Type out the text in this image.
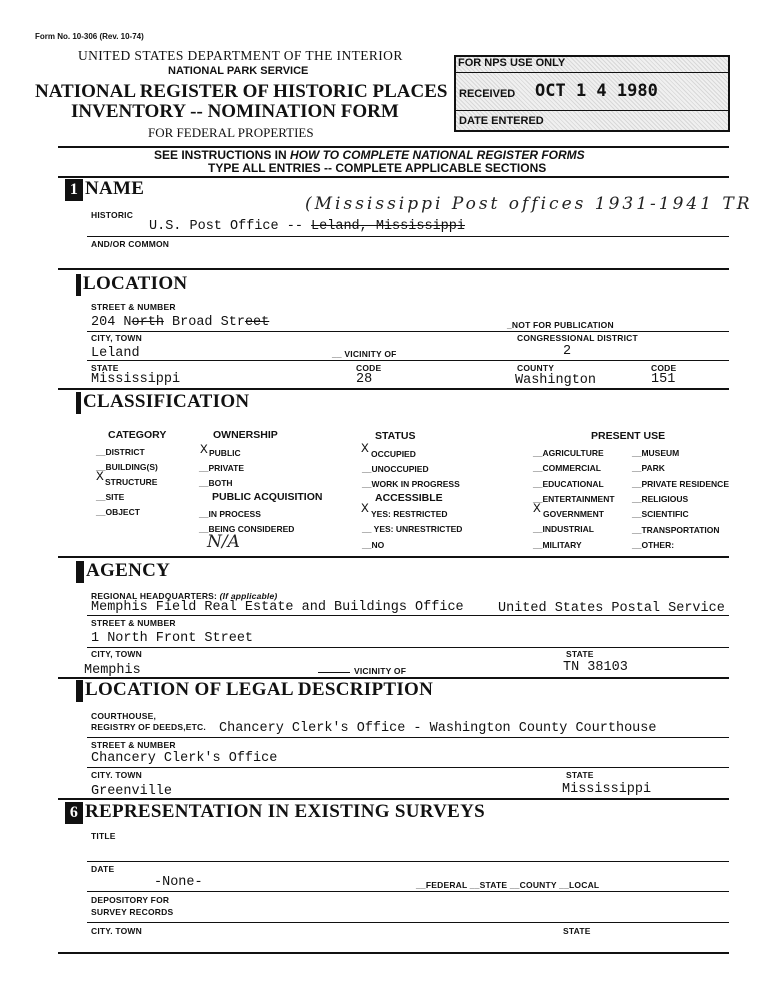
Form No. 10-306 (Rev. 10-74)
UNITED STATES DEPARTMENT OF THE INTERIOR
NATIONAL PARK SERVICE
NATIONAL REGISTER OF HISTORIC PLACES
INVENTORY -- NOMINATION FORM
FOR FEDERAL PROPERTIES
FOR NPS USE ONLY
RECEIVED OCT 1 4 1980
DATE ENTERED
SEE INSTRUCTIONS IN HOW TO COMPLETE NATIONAL REGISTER FORMS
TYPE ALL ENTRIES -- COMPLETE APPLICABLE SECTIONS
1 NAME
HISTORIC
(Mississippi Post offices 1931-1941 TR
U.S. Post Office -- Leland, Mississippi
AND/OR COMMON
LOCATION
STREET & NUMBER
204 North Broad Street	_NOT FOR PUBLICATION
CITY, TOWN	CONGRESSIONAL DISTRICT
Leland	__ VICINITY OF	2
STATE	CODE	COUNTY	CODE
Mississippi	28	Washington	151
CLASSIFICATION
CATEGORY
__DISTRICT
__BUILDING(S)
X STRUCTURE
__SITE
__OBJECT
OWNERSHIP
X PUBLIC
__PRIVATE
__BOTH
PUBLIC ACQUISITION
__IN PROCESS
__BEING CONSIDERED
N/A
STATUS
X OCCUPIED
__UNOCCUPIED
__WORK IN PROGRESS
ACCESSIBLE
X YES: RESTRICTED
__ YES: UNRESTRICTED
__NO
PRESENT USE
__AGRICULTURE
__COMMERCIAL
__EDUCATIONAL
__ENTERTAINMENT
X GOVERNMENT
__INDUSTRIAL
__MILITARY
__MUSEUM
__PARK
__PRIVATE RESIDENCE
__RELIGIOUS
__SCIENTIFIC
__TRANSPORTATION
__OTHER:
AGENCY
REGIONAL HEADQUARTERS: (If applicable)
Memphis Field Real Estate and Buildings Office	United States Postal Service
STREET & NUMBER
1 North Front Street
CITY, TOWN	STATE
Memphis	VICINITY OF	TN 38103
LOCATION OF LEGAL DESCRIPTION
COURTHOUSE,
REGISTRY OF DEEDS,ETC. Chancery Clerk's Office - Washington County Courthouse
STREET & NUMBER
Chancery Clerk's Office
CITY. TOWN	STATE
Greenville	Mississippi
6 REPRESENTATION IN EXISTING SURVEYS
TITLE
DATE
-None-	__FEDERAL __STATE __COUNTY __LOCAL
DEPOSITORY FOR
SURVEY RECORDS
CITY. TOWN	STATE
